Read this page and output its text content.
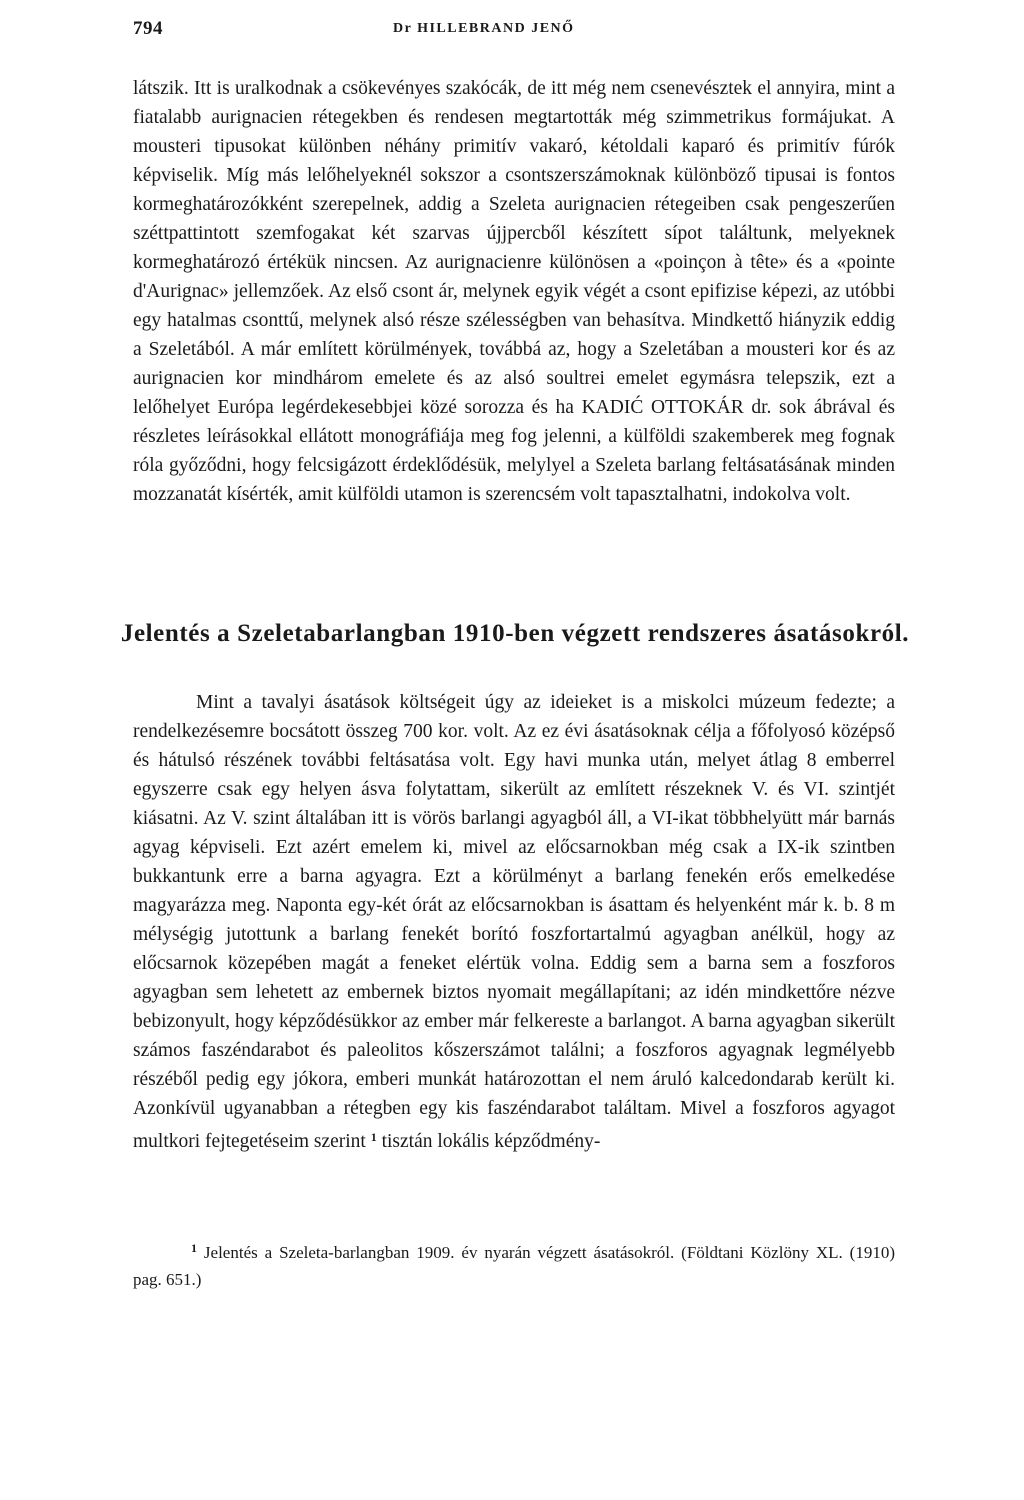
794	Dr HILLEBRAND JENŐ

látszik. Itt is uralkodnak a csökevényes szakócák, de itt még nem csenevésztek el annyira, mint a fiatalabb aurignacien rétegekben és rendesen megtartották még szimmetrikus formájukat. A mousteri tipusokat különben néhány primitív vakaró, kétoldali kaparó és primitív fúrók képviselik. Míg más lelőhelyeknél sokszor a csontszerszámoknak különböző tipusai is fontos kormeghatározókként szerepelnek, addig a Szeleta aurignacien rétegeiben csak pengeszerűen széttpattintott szemfogakat két szarvas újjpercből készített sípot találtunk, melyeknek kormeghatározó értékük nincsen. Az aurignacienre különösen a «poinçon à tête» és a «pointe d'Aurignac» jellemzőek. Az első csont ár, melynek egyik végét a csont epifizise képezi, az utóbbi egy hatalmas csonttű, melynek alsó része szélességben van behasítva. Mindkettő hiányzik eddig a Szeletából. A már említett körülmények, továbbá az, hogy a Szeletában a mousteri kor és az aurignacien kor mindhárom emelete és az alsó soultrei emelet egymásra telepszik, ezt a lelőhelyet Európa legérdekesebbjei közé sorozza és ha KADIĆ OTTOKÁR dr. sok ábrával és részletes leírásokkal ellátott monográfiája meg fog jelenni, a külföldi szakemberek meg fognak róla győződni, hogy felcsigázott érdeklődésük, melylyel a Szeleta barlang feltásatásának minden mozzanatát kísérték, amit külföldi utamon is szerencsém volt tapasztalhatni, indokolva volt.

Jelentés a Szeletabarlangban 1910-ben végzett rendszeres ásatásokról.

Mint a tavalyi ásatások költségeit úgy az ideieket is a miskolci múzeum fedezte; a rendelkezésemre bocsátott összeg 700 kor. volt. Az ez évi ásatásoknak célja a főfolyosó középső és hátulsó részének további feltásatása volt. Egy havi munka után, melyet átlag 8 emberrel egyszerre csak egy helyen ásva folytattam, sikerült az említett részeknek V. és VI. szintjét kiásatni. Az V. szint általában itt is vörös barlangi agyagból áll, a VI-ikat többhelyütt már barnás agyag képviseli. Ezt azért emelem ki, mivel az előcsarnokban még csak a IX-ik szintben bukkantunk erre a barna agyagra. Ezt a körülményt a barlang fenekén erős emelkedése magyarázza meg. Naponta egy-két órát az előcsarnokban is ásattam és helyenként már k. b. 8 m mélységig jutottunk a barlang fenekét borító foszfortartalmú agyagban anélkül, hogy az előcsarnok közepében magát a feneket elértük volna. Eddig sem a barna sem a foszforos agyagban sem lehetett az embernek biztos nyomait megállapítani; az idén mindkettőre nézve bebizonyult, hogy képződésükkor az ember már felkereste a barlangot. A barna agyagban sikerült számos faszéndarabot és paleolitos kőszerszámot találni; a foszforos agyagnak legmélyebb részéből pedig egy jókora, emberi munkát határozottan el nem áruló kalcedondarab került ki. Azonkívül ugyanabban a rétegben egy kis faszéndarabot találtam. Mivel a foszforos agyagot multkori fejtegetéseim szerint $^1$ tisztán lokális képződmény-

$^1$ Jelentés a Szeleta-barlangban 1909. év nyarán végzett ásatásokról. (Földtani Közlöny XL. (1910) pag. 651.)
